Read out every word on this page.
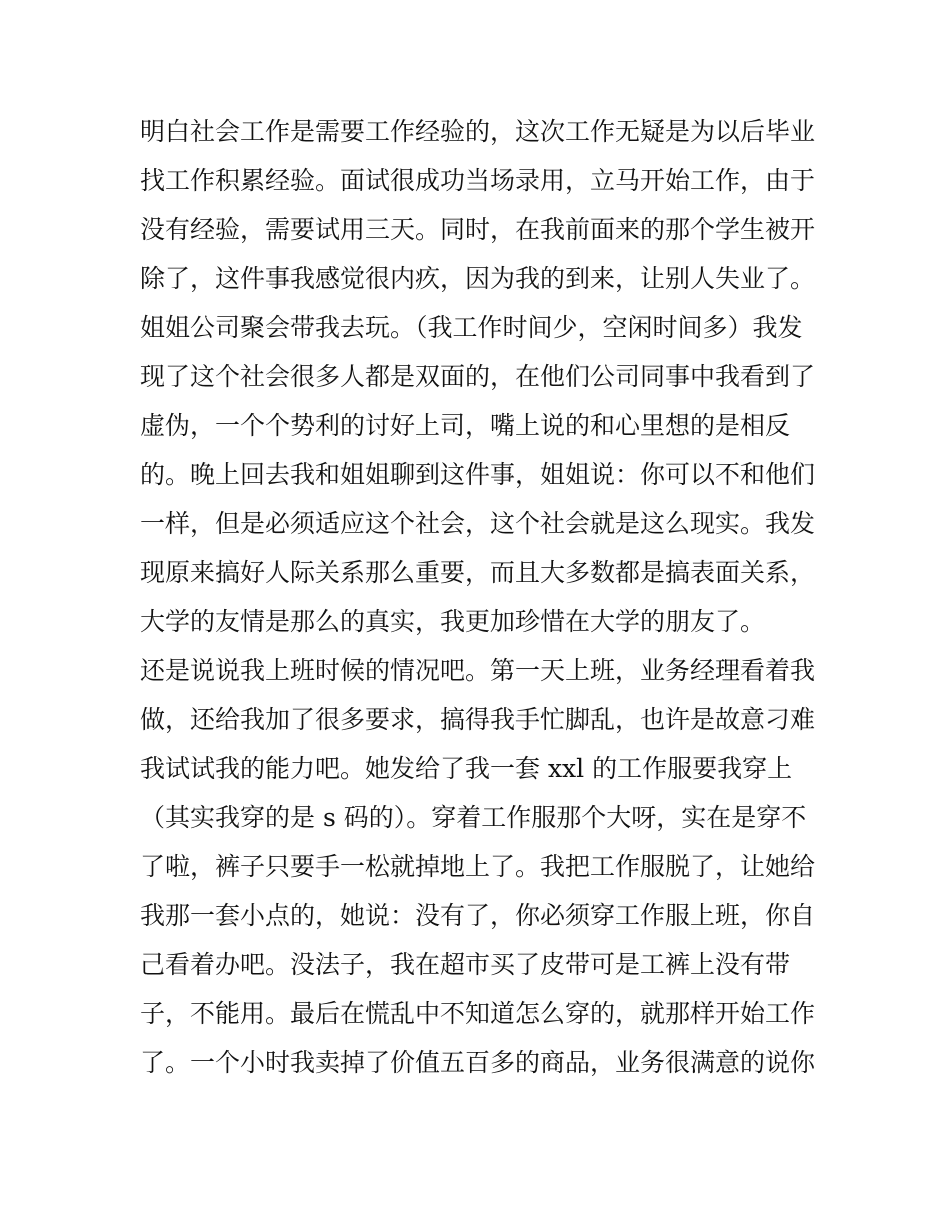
明白社会工作是需要工作经验的，这次工作无疑是为以后毕业
找工作积累经验。面试很成功当场录用，立马开始工作，由于
没有经验，需要试用三天。同时，在我前面来的那个学生被开
除了，这件事我感觉很内疚，因为我的到来，让别人失业了。
姐姐公司聚会带我去玩。（我工作时间少，空闲时间多）我发
现了这个社会很多人都是双面的，在他们公司同事中我看到了
虚伪，一个个势利的讨好上司，嘴上说的和心里想的是相反
的。晚上回去我和姐姐聊到这件事，姐姐说：你可以不和他们
一样，但是必须适应这个社会，这个社会就是这么现实。我发
现原来搞好人际关系那么重要，而且大多数都是搞表面关系，
大学的友情是那么的真实，我更加珍惜在大学的朋友了。
还是说说我上班时候的情况吧。第一天上班，业务经理看着我
做，还给我加了很多要求，搞得我手忙脚乱，也许是故意刁难
我试试我的能力吧。她发给了我一套 xxl 的工作服要我穿上
（其实我穿的是 s 码的）。穿着工作服那个大呀，实在是穿不
了啦，裤子只要手一松就掉地上了。我把工作服脱了，让她给
我那一套小点的，她说：没有了，你必须穿工作服上班，你自
己看着办吧。没法子，我在超市买了皮带可是工裤上没有带
子，不能用。最后在慌乱中不知道怎么穿的，就那样开始工作
了。一个小时我卖掉了价值五百多的商品，业务很满意的说你
